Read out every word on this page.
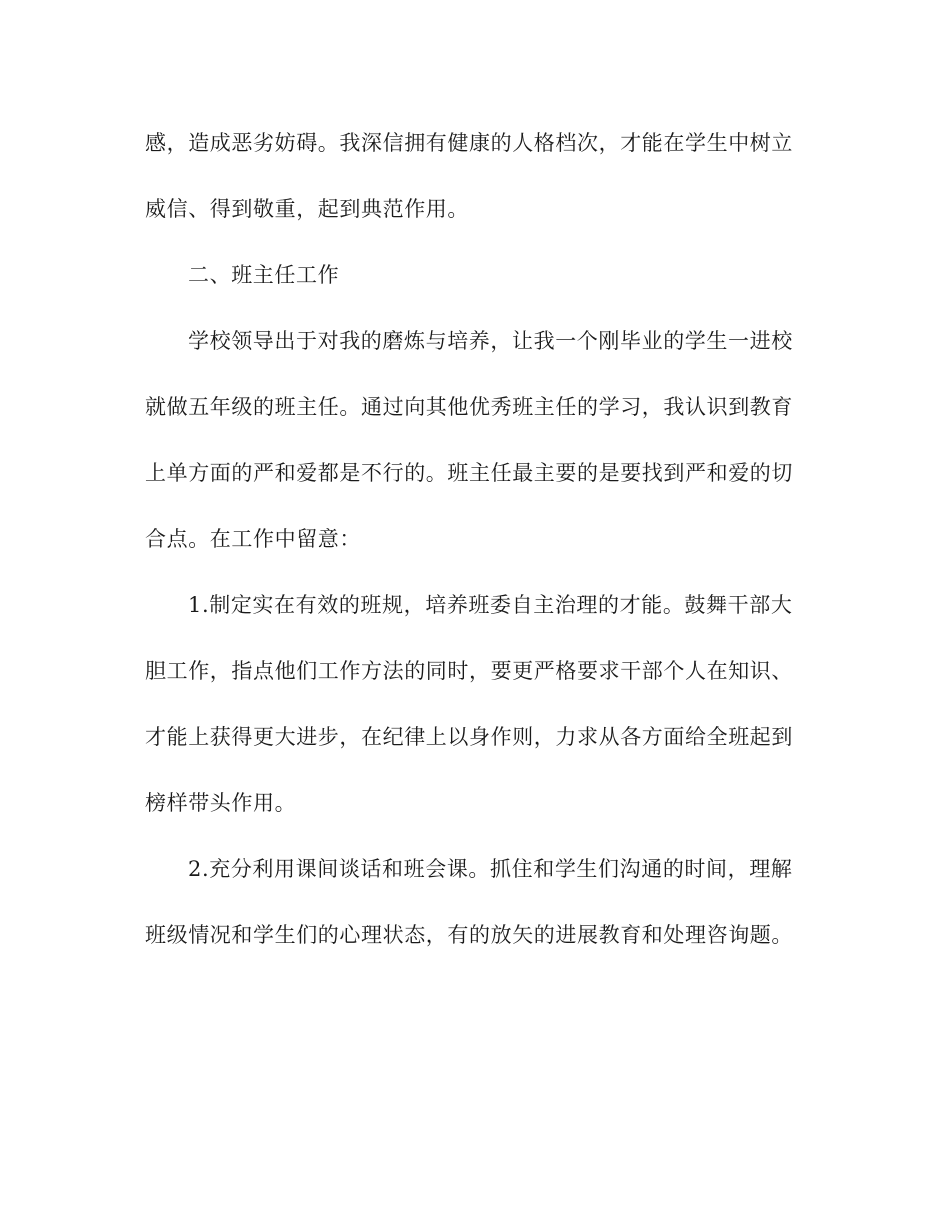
感，造成恶劣妨碍。我深信拥有健康的人格档次，才能在学生中树立
威信、得到敬重，起到典范作用。
二、班主任工作
学校领导出于对我的磨炼与培养，让我一个刚毕业的学生一进校
就做五年级的班主任。通过向其他优秀班主任的学习，我认识到教育
上单方面的严和爱都是不行的。班主任最主要的是要找到严和爱的切
合点。在工作中留意：
1.制定实在有效的班规，培养班委自主治理的才能。鼓舞干部大
胆工作，指点他们工作方法的同时，要更严格要求干部个人在知识、
才能上获得更大进步，在纪律上以身作则，力求从各方面给全班起到
榜样带头作用。
2.充分利用课间谈话和班会课。抓住和学生们沟通的时间，理解
班级情况和学生们的心理状态，有的放矢的进展教育和处理咨询题。
